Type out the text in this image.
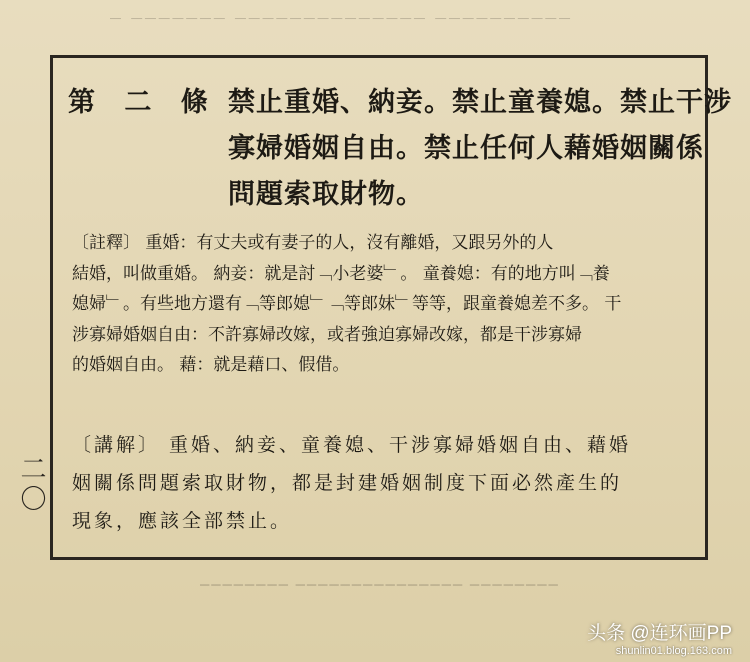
▔ ▔▔▔▔▔▔▔ ▔▔▔▔▔▔▔▔▔▔▔▔▔▔ ▔▔▔▔▔▔▔▔▔▔
▁▁▁▁▁▁▁▁ ▁▁▁▁▁▁▁▁▁▁▁▁▁▁▁ ▁▁▁▁▁▁▁▁
第 二 條 禁止重婚、納妾。禁止童養媳。禁止干涉
寡婦婚姻自由。禁止任何人藉婚姻關係
問題索取財物。
〔註釋〕 重婚：有丈夫或有妻子的人，沒有離婚，又跟另外的人
結婚，叫做重婚。 納妾：就是討﹁小老婆﹂。 童養媳：有的地方叫﹁養
媳婦﹂。有些地方還有﹁等郎媳﹂﹁等郎妹﹂等等，跟童養媳差不多。 干
涉寡婦婚姻自由：不許寡婦改嫁，或者強迫寡婦改嫁，都是干涉寡婦
的婚姻自由。 藉：就是藉口、假借。
〔講解〕 重婚、納妾、童養媳、干涉寡婦婚姻自由、藉婚
姻關係問題索取財物，都是封建婚姻制度下面必然產生的
現象，應該全部禁止。
二〇
头条 @连环画PP
shunlin01.blog.163.com
